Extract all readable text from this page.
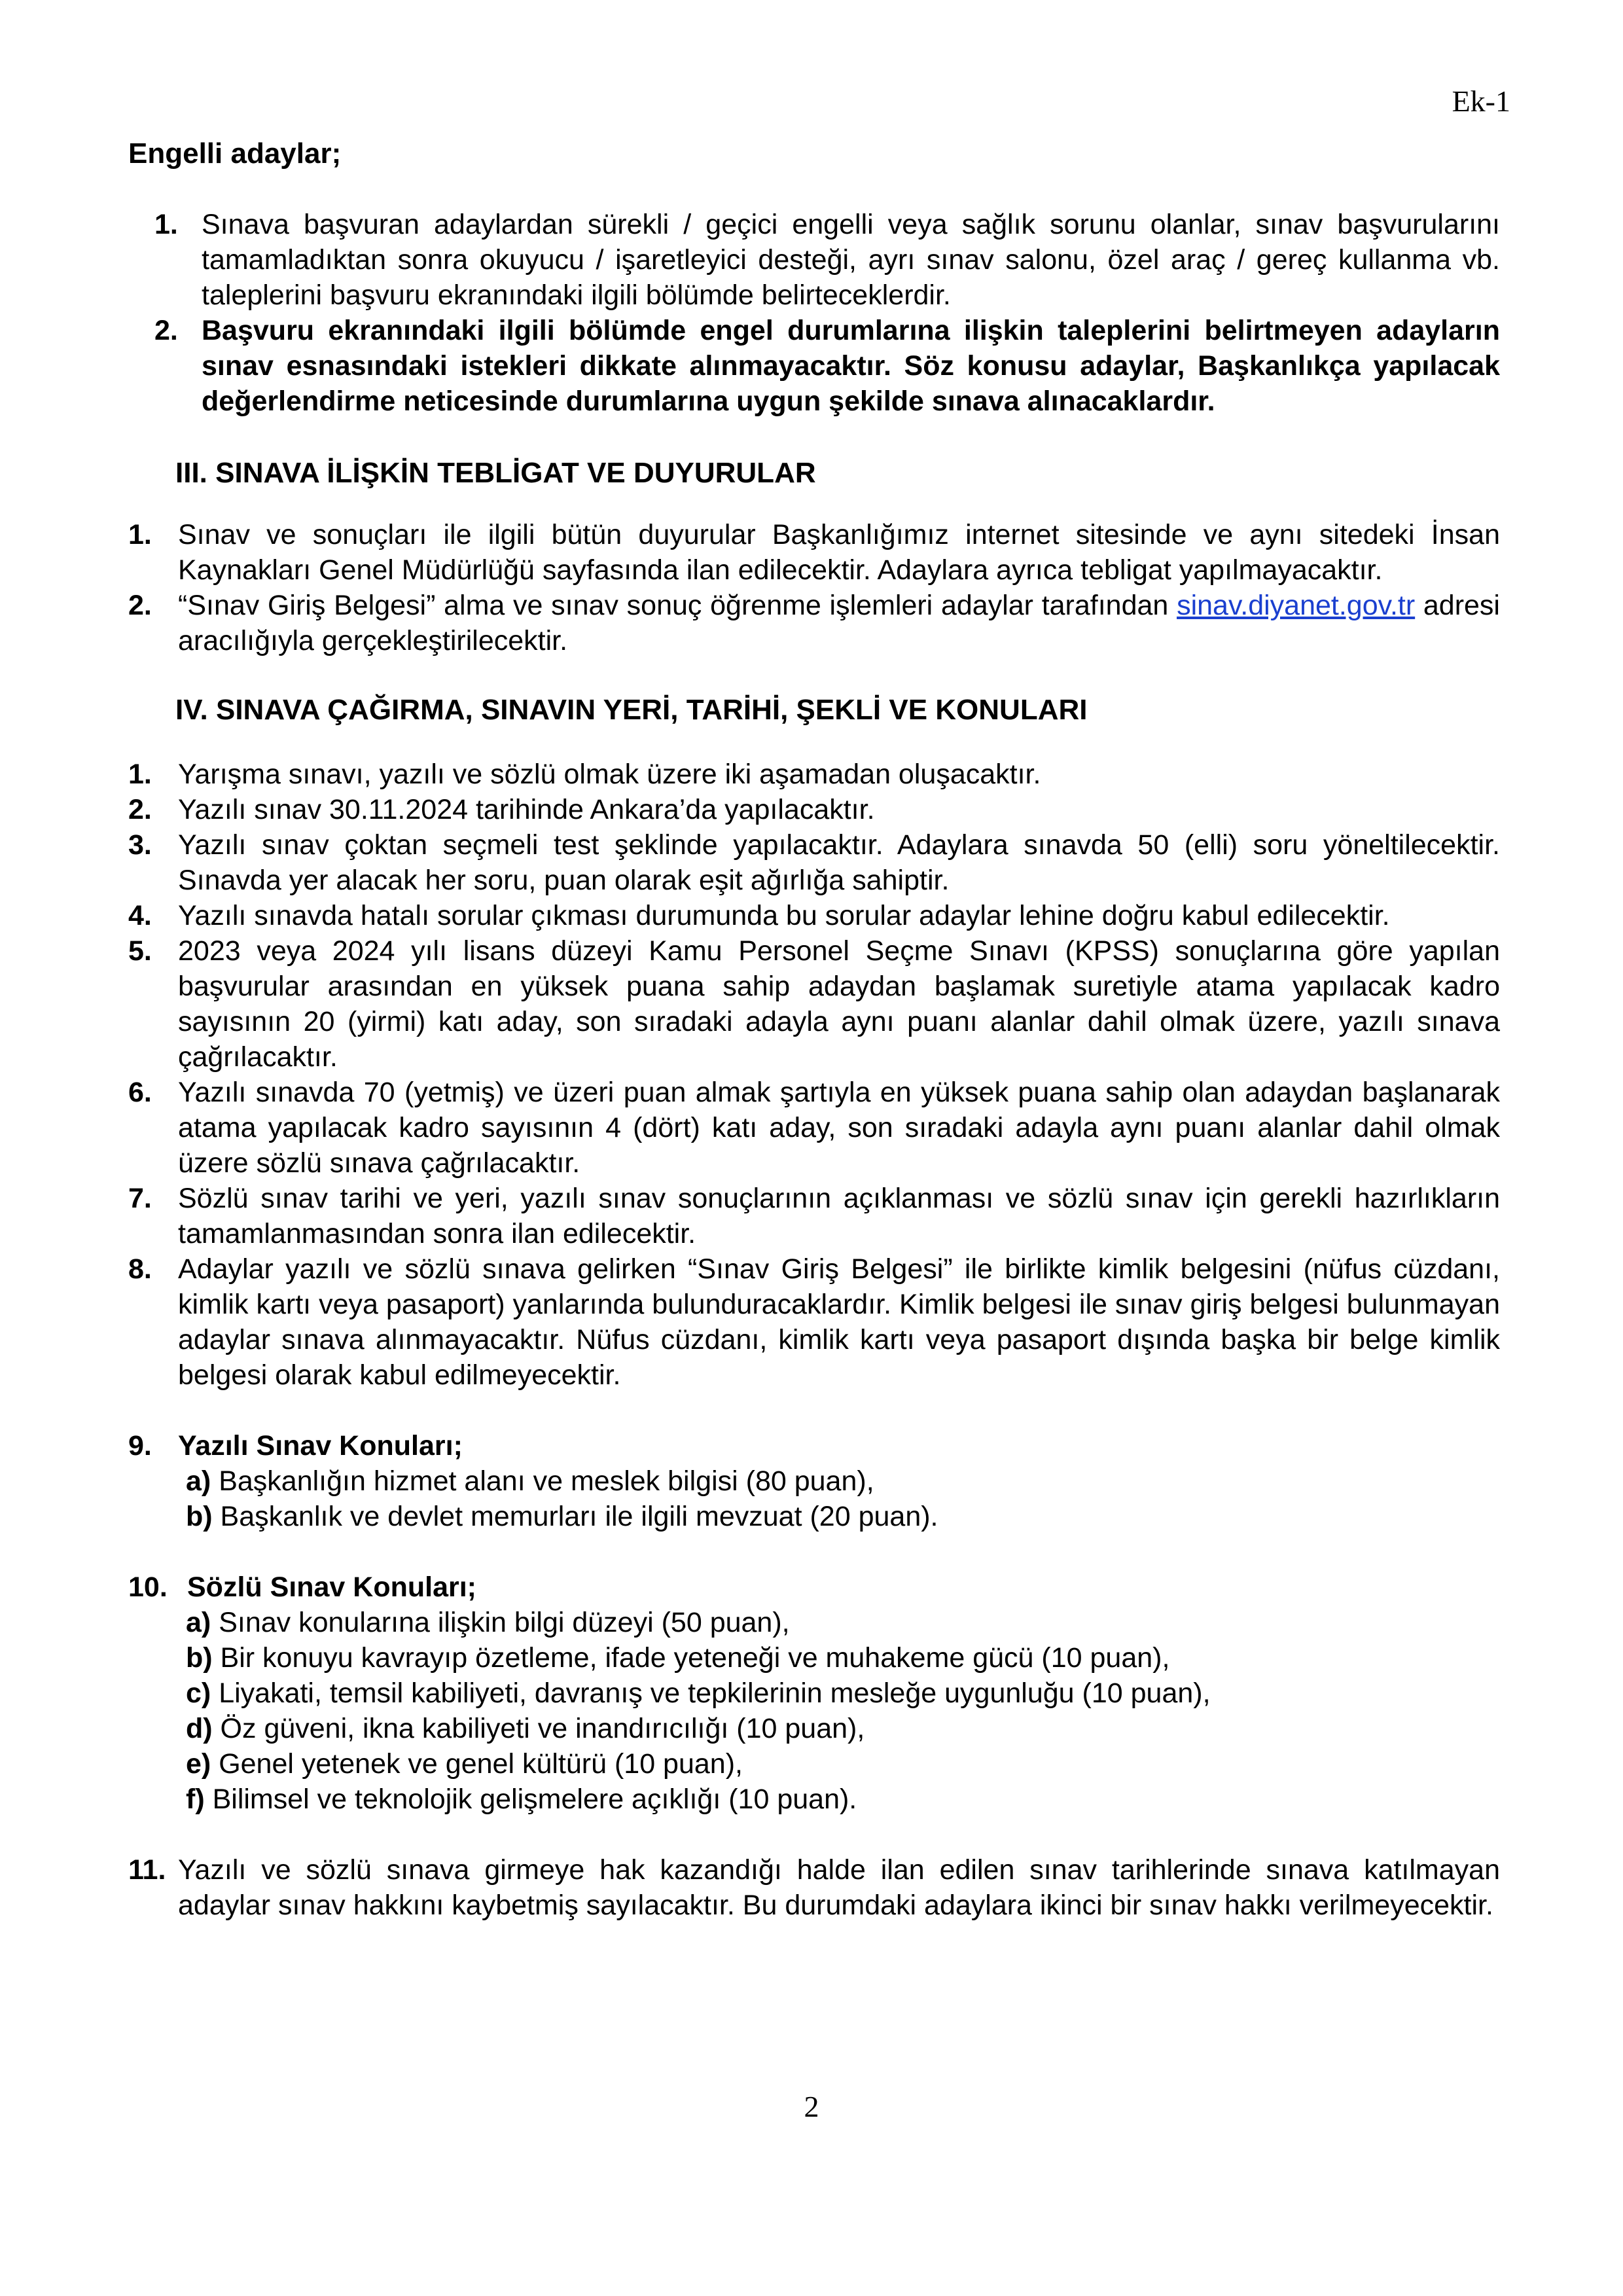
Ek-1
Engelli adaylar;
1. Sınava başvuran adaylardan sürekli / geçici engelli veya sağlık sorunu olanlar, sınav başvurularını tamamladıktan sonra okuyucu / işaretleyici desteği, ayrı sınav salonu, özel araç / gereç kullanma vb. taleplerini başvuru ekranındaki ilgili bölümde belirteceklerdir.
2. Başvuru ekranındaki ilgili bölümde engel durumlarına ilişkin taleplerini belirtmeyen adayların sınav esnasındaki istekleri dikkate alınmayacaktır. Söz konusu adaylar, Başkanlıkça yapılacak değerlendirme neticesinde durumlarına uygun şekilde sınava alınacaklardır.
III. SINAVA İLİŞKİN TEBLİGAT VE DUYURULAR
1. Sınav ve sonuçları ile ilgili bütün duyurular Başkanlığımız internet sitesinde ve aynı sitedeki İnsan Kaynakları Genel Müdürlüğü sayfasında ilan edilecektir. Adaylara ayrıca tebligat yapılmayacaktır.
2. “Sınav Giriş Belgesi” alma ve sınav sonuç öğrenme işlemleri adaylar tarafından sinav.diyanet.gov.tr adresi aracılığıyla gerçekleştirilecektir.
IV. SINAVA ÇAĞIRMA, SINAVIN YERİ, TARİHİ, ŞEKLİ VE KONULARI
1. Yarışma sınavı, yazılı ve sözlü olmak üzere iki aşamadan oluşacaktır.
2. Yazılı sınav 30.11.2024 tarihinde Ankara’da yapılacaktır.
3. Yazılı sınav çoktan seçmeli test şeklinde yapılacaktır. Adaylara sınavda 50 (elli) soru yöneltilecektir. Sınavda yer alacak her soru, puan olarak eşit ağırlığa sahiptir.
4. Yazılı sınavda hatalı sorular çıkması durumunda bu sorular adaylar lehine doğru kabul edilecektir.
5. 2023 veya 2024 yılı lisans düzeyi Kamu Personel Seçme Sınavı (KPSS) sonuçlarına göre yapılan başvurular arasından en yüksek puana sahip adaydan başlamak suretiyle atama yapılacak kadro sayısının 20 (yirmi) katı aday, son sıradaki adayla aynı puanı alanlar dahil olmak üzere, yazılı sınava çağrılacaktır.
6. Yazılı sınavda 70 (yetmiş) ve üzeri puan almak şartıyla en yüksek puana sahip olan adaydan başlanarak atama yapılacak kadro sayısının 4 (dört) katı aday, son sıradaki adayla aynı puanı alanlar dahil olmak üzere sözlü sınava çağrılacaktır.
7. Sözlü sınav tarihi ve yeri, yazılı sınav sonuçlarının açıklanması ve sözlü sınav için gerekli hazırlıkların tamamlanmasından sonra ilan edilecektir.
8. Adaylar yazılı ve sözlü sınava gelirken “Sınav Giriş Belgesi” ile birlikte kimlik belgesini (nüfus cüzdanı, kimlik kartı veya pasaport) yanlarında bulunduracaklardır. Kimlik belgesi ile sınav giriş belgesi bulunmayan adaylar sınava alınmayacaktır. Nüfus cüzdanı, kimlik kartı veya pasaport dışında başka bir belge kimlik belgesi olarak kabul edilmeyecektir.
9. Yazılı Sınav Konuları;
a) Başkanlığın hizmet alanı ve meslek bilgisi (80 puan),
b) Başkanlık ve devlet memurları ile ilgili mevzuat (20 puan).
10. Sözlü Sınav Konuları;
a) Sınav konularına ilişkin bilgi düzeyi (50 puan),
b) Bir konuyu kavrayıp özetleme, ifade yeteneği ve muhakeme gücü (10 puan),
c) Liyakati, temsil kabiliyeti, davranış ve tepkilerinin mesleğe uygunluğu (10 puan),
d) Öz güveni, ikna kabiliyeti ve inandırıcılığı (10 puan),
e) Genel yetenek ve genel kültürü (10 puan),
f) Bilimsel ve teknolojik gelişmelere açıklığı (10 puan).
11. Yazılı ve sözlü sınava girmeye hak kazandığı halde ilan edilen sınav tarihlerinde sınava katılmayan adaylar sınav hakkını kaybetmiş sayılacaktır. Bu durumdaki adaylara ikinci bir sınav hakkı verilmeyecektir.
2
